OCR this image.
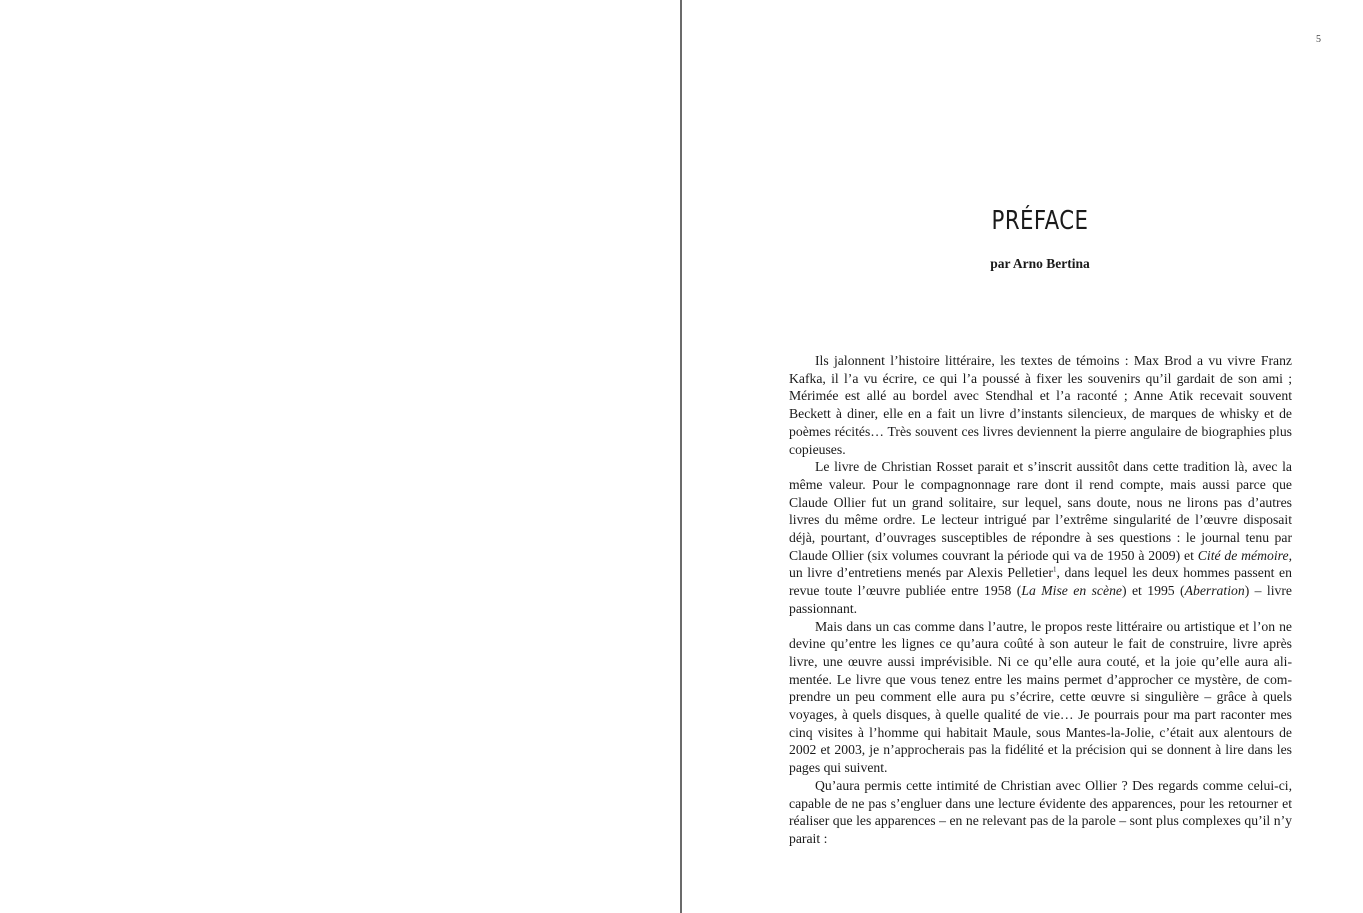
5
PRÉFACE
par Arno Bertina

Ils jalonnent l’histoire littéraire, les textes de témoins : Max Brod a vu vivre Franz Kafka, il l’a vu écrire, ce qui l’a poussé à fixer les souvenirs qu’il gardait de son ami ; Mérimée est allé au bordel avec Stendhal et l’a raconté ; Anne Atik recevait souvent Beckett à diner, elle en a fait un livre d’instants silencieux, de marques de whisky et de poèmes récités… Très souvent ces livres deviennent la pierre angulaire de biographies plus copieuses.

Le livre de Christian Rosset parait et s’inscrit aussitôt dans cette tradition là, avec la même valeur. Pour le compagnonnage rare dont il rend compte, mais aussi parce que Claude Ollier fut un grand solitaire, sur lequel, sans doute, nous ne lirons pas d’autres livres du même ordre. Le lecteur intrigué par l’extrême singularité de l’œuvre disposait déjà, pourtant, d’ouvrages susceptibles de répondre à ses questions : le journal tenu par Claude Ollier (six volumes couvrant la période qui va de 1950 à 2009) et Cité de mémoire, un livre d’entretiens menés par Alexis Pelletier$^1$, dans lequel les deux hommes passent en revue toute l’œuvre publiée entre 1958 (La Mise en scène) et 1995 (Aberration) – livre passionnant.

Mais dans un cas comme dans l’autre, le propos reste littéraire ou artistique et l’on ne devine qu’entre les lignes ce qu’aura coûté à son auteur le fait de construire, livre après livre, une œuvre aussi imprévisible. Ni ce qu’elle aura couté, et la joie qu’elle aura alimentée. Le livre que vous tenez entre les mains permet d’approcher ce mystère, de comprendre un peu comment elle aura pu s’écrire, cette œuvre si singulière – grâce à quels voyages, à quels disques, à quelle qualité de vie… Je pourrais pour ma part raconter mes cinq visites à l’homme qui habitait Maule, sous Mantes-la-Jolie, c’était aux alentours de 2002 et 2003, je n’approcherais pas la fidélité et la précision qui se donnent à lire dans les pages qui suivent.

Qu’aura permis cette intimité de Christian avec Ollier ? Des regards comme celui-ci, capable de ne pas s’engluer dans une lecture évidente des apparences, pour les retourner et réaliser que les apparences – en ne relevant pas de la parole – sont plus complexes qu’il n’y parait :
